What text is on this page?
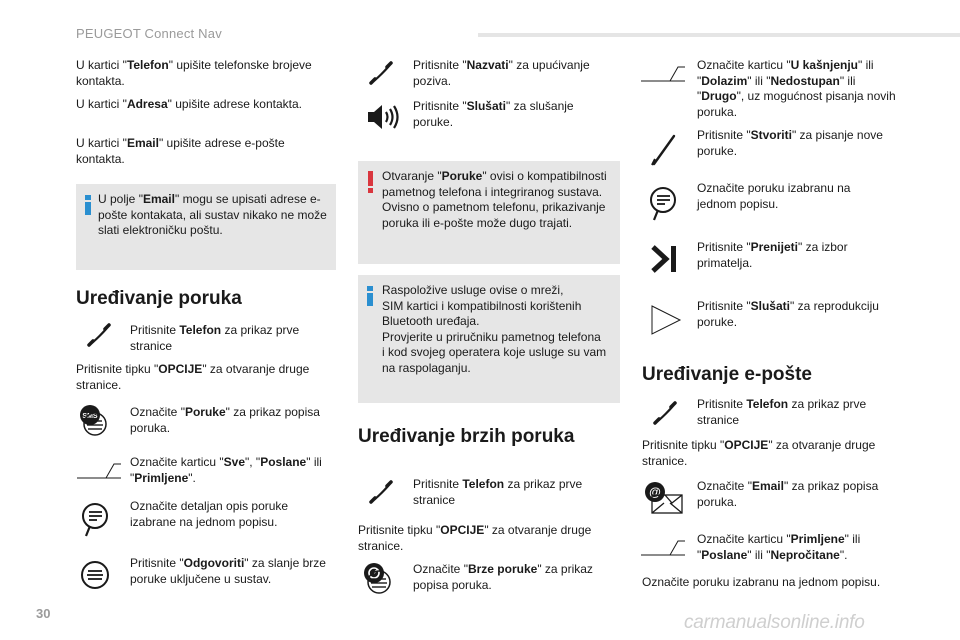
PEUGEOT Connect Nav
30	carmanualsonline.info
U kartici "Telefon" upišite telefonske brojeve kontakta.
U kartici "Adresa" upišite adrese kontakta.
U kartici "Email" upišite adrese e-pošte kontakta.
U polje "Email" mogu se upisati adrese e-pošte kontakata, ali sustav nikako ne može slati elektroničku poštu.
Uređivanje poruka
Pritisnite Telefon za prikaz prve stranice
Pritisnite tipku "OPCIJE" za otvaranje druge stranice.
SMS	Označite "Poruke" za prikaz popisa poruka.
Označite karticu "Sve", "Poslane" ili "Primljene".
Označite detaljan opis poruke izabrane na jednom popisu.
Pritisnite "Odgovoriti" za slanje brze poruke uključene u sustav.
Pritisnite "Nazvati" za upućivanje poziva.
Pritisnite "Slušati" za slušanje poruke.
Otvaranje "Poruke" ovisi o kompatibilnosti pametnog telefona i integriranog sustava. Ovisno o pametnom telefonu, prikazivanje poruka ili e-pošte može dugo trajati.
Raspoložive usluge ovise o mreži,
SIM kartici i kompatibilnosti korištenih
Bluetooth uređaja.
Provjerite u priručniku pametnog telefona
i kod svojeg operatera koje usluge su vam
na raspolaganju.
Uređivanje brzih poruka
Pritisnite Telefon za prikaz prve stranice
Pritisnite tipku "OPCIJE" za otvaranje druge stranice.
Označite "Brze poruke" za prikaz popisa poruka.
Označite karticu "U kašnjenju" ili "Dolazim" ili "Nedostupan" ili "Drugo", uz mogućnost pisanja novih poruka.
Pritisnite "Stvoriti" za pisanje nove poruke.
Označite poruku izabranu na jednom popisu.
Pritisnite "Prenijeti" za izbor primatelja.
Pritisnite "Slušati" za reprodukciju poruke.
Uređivanje e-pošte
Pritisnite Telefon za prikaz prve stranice
Pritisnite tipku "OPCIJE" za otvaranje druge stranice.
@	Označite "Email" za prikaz popisa poruka.
Označite karticu "Primljene" ili "Poslane" ili "Nepročitane".
Označite poruku izabranu na jednom popisu.
